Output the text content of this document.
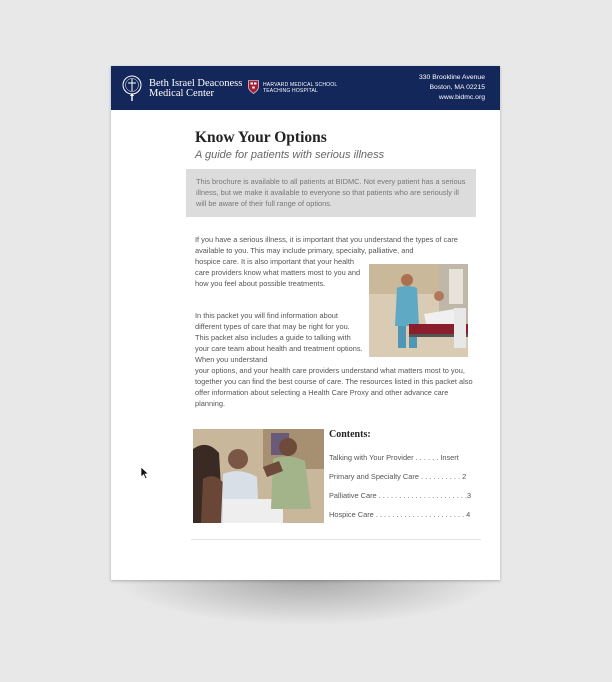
Beth Israel Deaconess
Medical Center
HARVARD MEDICAL SCHOOL
TEACHING HOSPITAL
330 Brookline Avenue
Boston, MA 02215
www.bidmc.org
Know Your Options
A guide for patients with serious illness
This brochure is available to all patients at BIDMC. Not every patient has a serious illness, but we make it available to everyone so that patients who are seriously ill will be aware of their full range of options.
If you have a serious illness, it is important that you understand the types of care available to you. This may include primary, specialty, palliative, and
hospice care. It is also important that your health care providers know what matters most to you and how you feel about possible treatments.
In this packet you will find information about different types of care that may be right for you. This packet also includes a guide to talking with your care team about health and treatment options. When you understand
your options, and your health care providers understand what matters most to you, together you can find the best course of care. The resources listed in this packet also offer information about selecting a Health Care Proxy and other advance care planning.
Contents:
Talking with Your Provider . . . . . . Insert
Primary and Specialty Care . . . . . . . . . . 2
Palliative Care . . . . . . . . . . . . . . . . . . . . . .3
Hospice Care . . . . . . . . . . . . . . . . . . . . . . 4
